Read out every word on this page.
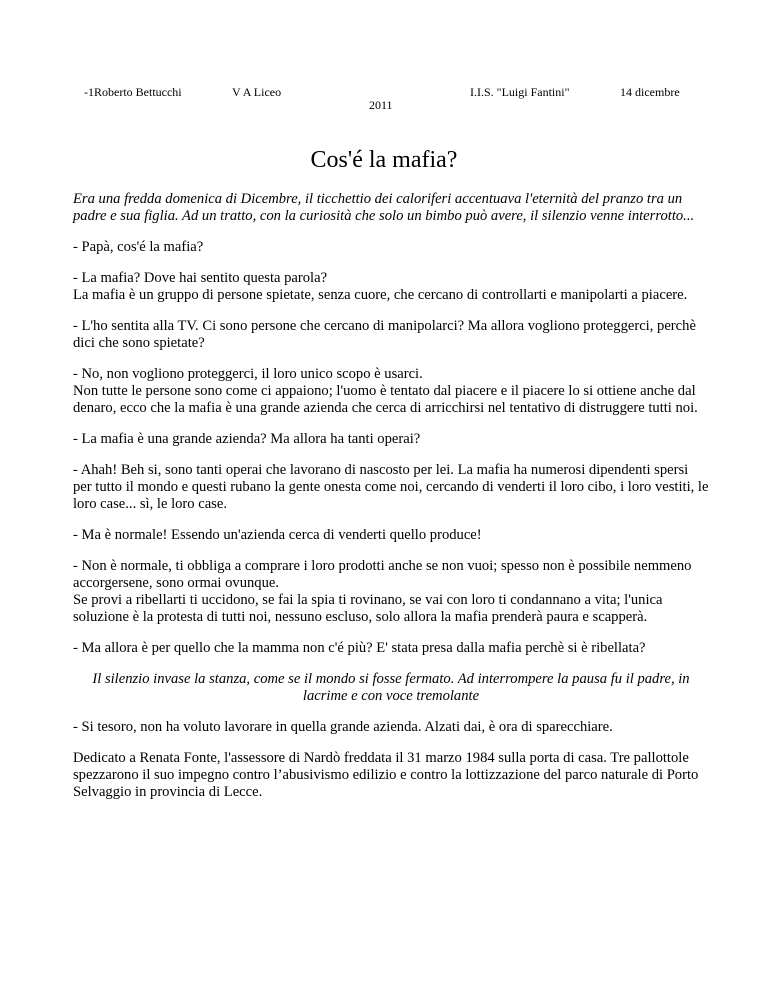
-1Roberto Bettucchi	V A Liceo	I.I.S. "Luigi Fantini"	14 dicembre
2011
Cos'é la mafia?

Era una fredda domenica di Dicembre, il ticchettio dei caloriferi accentuava l'eternità del pranzo tra un padre e sua figlia. Ad un tratto, con la curiosità che solo un bimbo può avere, il silenzio venne interrotto...

- Papà, cos'é la mafia?

- La mafia? Dove hai sentito questa parola?
La mafia è un gruppo di persone spietate, senza cuore, che cercano di controllarti e manipolarti a piacere.

- L'ho sentita alla TV. Ci sono persone che cercano di manipolarci? Ma allora vogliono proteggerci, perchè dici che sono spietate?

- No, non vogliono proteggerci, il loro unico scopo è usarci.
Non tutte le persone sono come ci appaiono; l'uomo è tentato dal piacere e il piacere lo si ottiene anche dal denaro, ecco che la mafia è una grande azienda che cerca di arricchirsi nel tentativo di distruggere tutti noi.

- La mafia è una grande azienda? Ma allora ha tanti operai?

- Ahah! Beh si, sono tanti operai che lavorano di nascosto per lei. La mafia ha numerosi dipendenti spersi per tutto il mondo e questi rubano la gente onesta come noi, cercando di venderti il loro cibo, i loro vestiti, le loro case... sì, le loro case.

- Ma è normale! Essendo un'azienda cerca di venderti quello produce!

- Non è normale, ti obbliga a comprare i loro prodotti anche se non vuoi; spesso non è possibile nemmeno accorgersene, sono ormai ovunque.
Se provi a ribellarti ti uccidono, se fai la spia ti rovinano, se vai con loro ti condannano a vita; l'unica soluzione è la protesta di tutti noi, nessuno escluso, solo allora la mafia prenderà paura e scapperà.

- Ma allora è per quello che la mamma non c'é più? E' stata presa dalla mafia perchè si è ribellata?

Il silenzio invase la stanza, come se il mondo si fosse fermato. Ad interrompere la pausa fu il padre, in lacrime e con voce tremolante

- Si tesoro, non ha voluto lavorare in quella grande azienda. Alzati dai, è ora di sparecchiare.

Dedicato a Renata Fonte, l'assessore di Nardò freddata il 31 marzo 1984 sulla porta di casa. Tre pallottole spezzarono il suo impegno contro l’abusivismo edilizio e contro la lottizzazione del parco naturale di Porto Selvaggio in provincia di Lecce.
